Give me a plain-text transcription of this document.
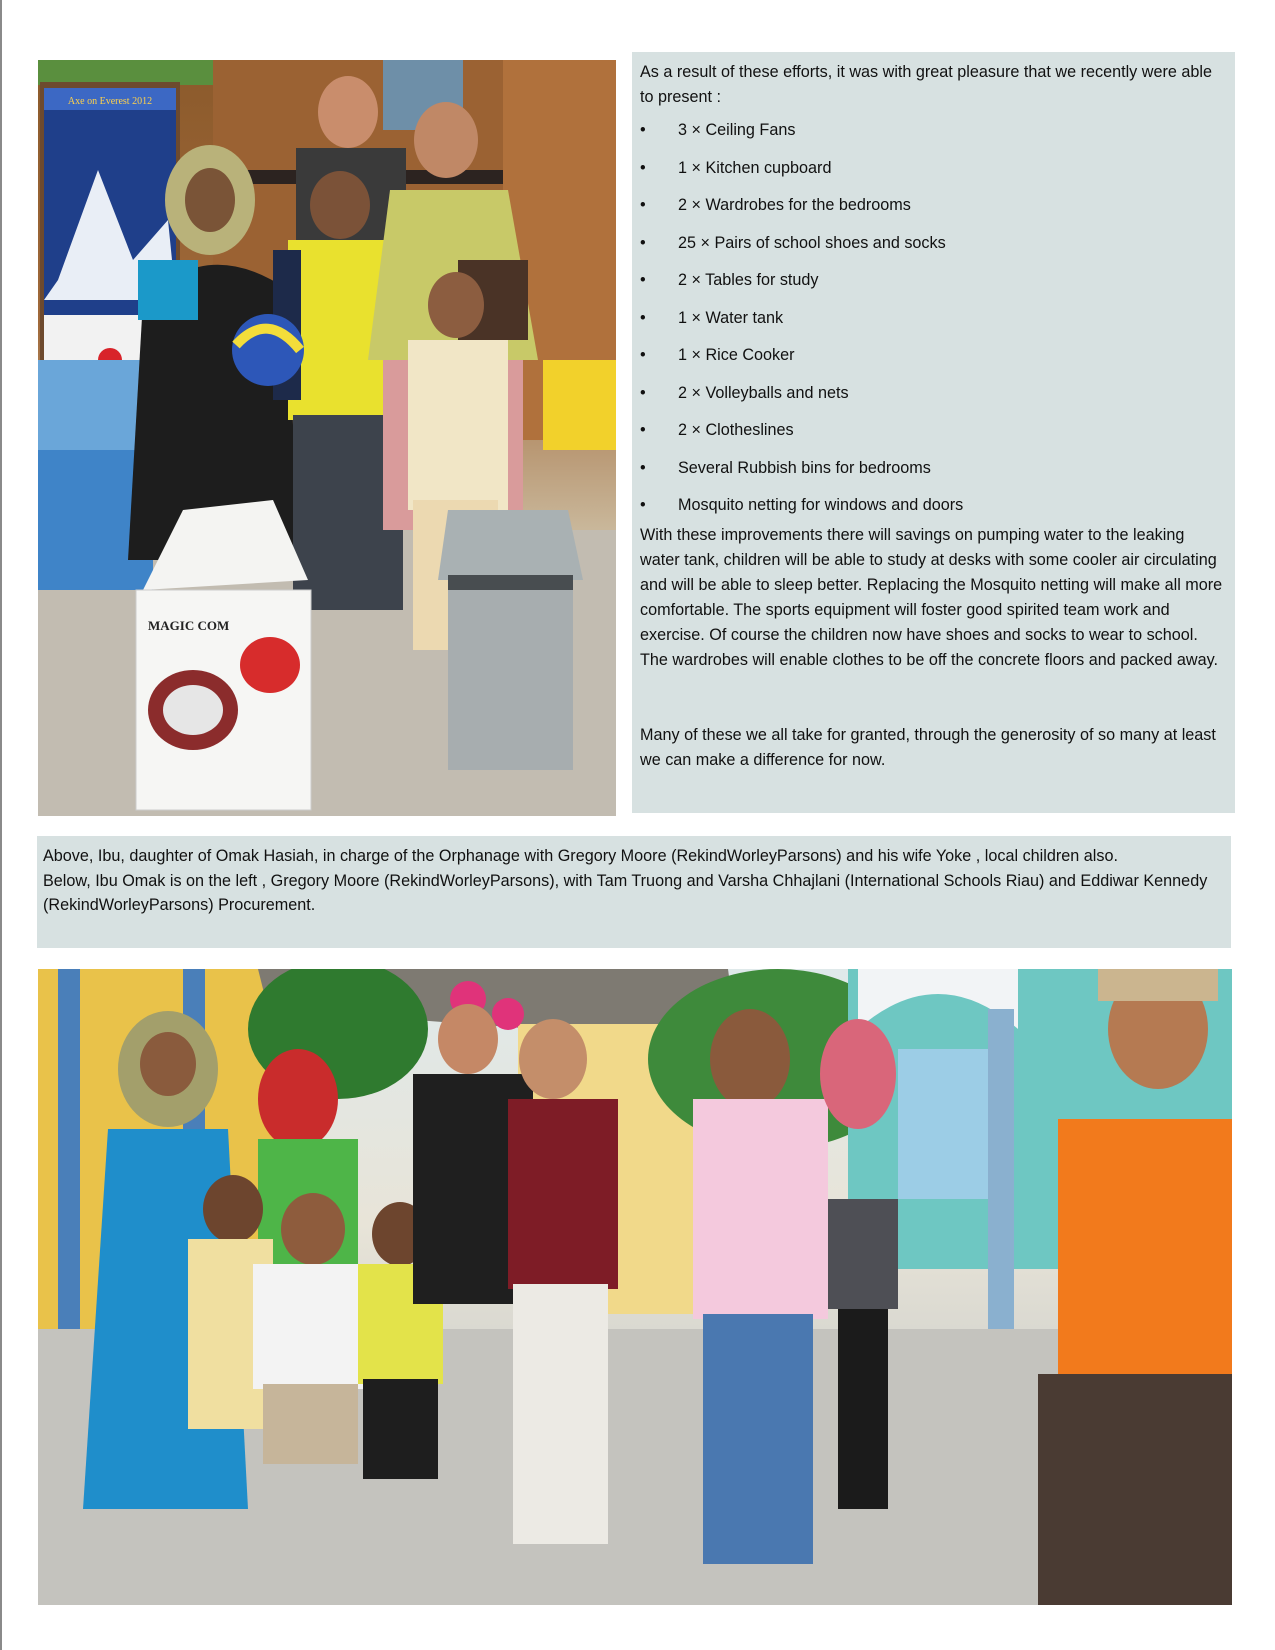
Axe on Everest 2012
MAGIC COM

As a result of these efforts, it was with great pleasure that we recently were able to present :

• 3 × Ceiling Fans
• 1 × Kitchen cupboard
• 2 × Wardrobes for the bedrooms
• 25 × Pairs of school shoes and socks
• 2 × Tables for study
• 1 × Water tank
• 1 × Rice Cooker
• 2 × Volleyballs and nets
• 2 × Clotheslines
• Several Rubbish bins for bedrooms
• Mosquito netting for windows and doors

With these improvements there will savings on pumping water to the leaking water tank, children will be able to study at desks with some cooler air circulating and will be able to sleep better. Replacing the Mosquito netting will make all more comfortable. The sports equipment will foster good spirited team work and exercise. Of course the children now have shoes and socks to wear to school. The wardrobes will enable clothes to be off the concrete floors and packed away.

Many of these we all take for granted, through the generosity of so many at least we can make a difference for now.

Above, Ibu, daughter of Omak Hasiah, in charge of the Orphanage with Gregory Moore (RekindWorleyParsons) and his wife Yoke , local children also.

Below, Ibu Omak is on the left , Gregory Moore (RekindWorleyParsons), with Tam Truong and Varsha Chhajlani (International Schools Riau) and Eddiwar Kennedy (RekindWorleyParsons) Procurement.
